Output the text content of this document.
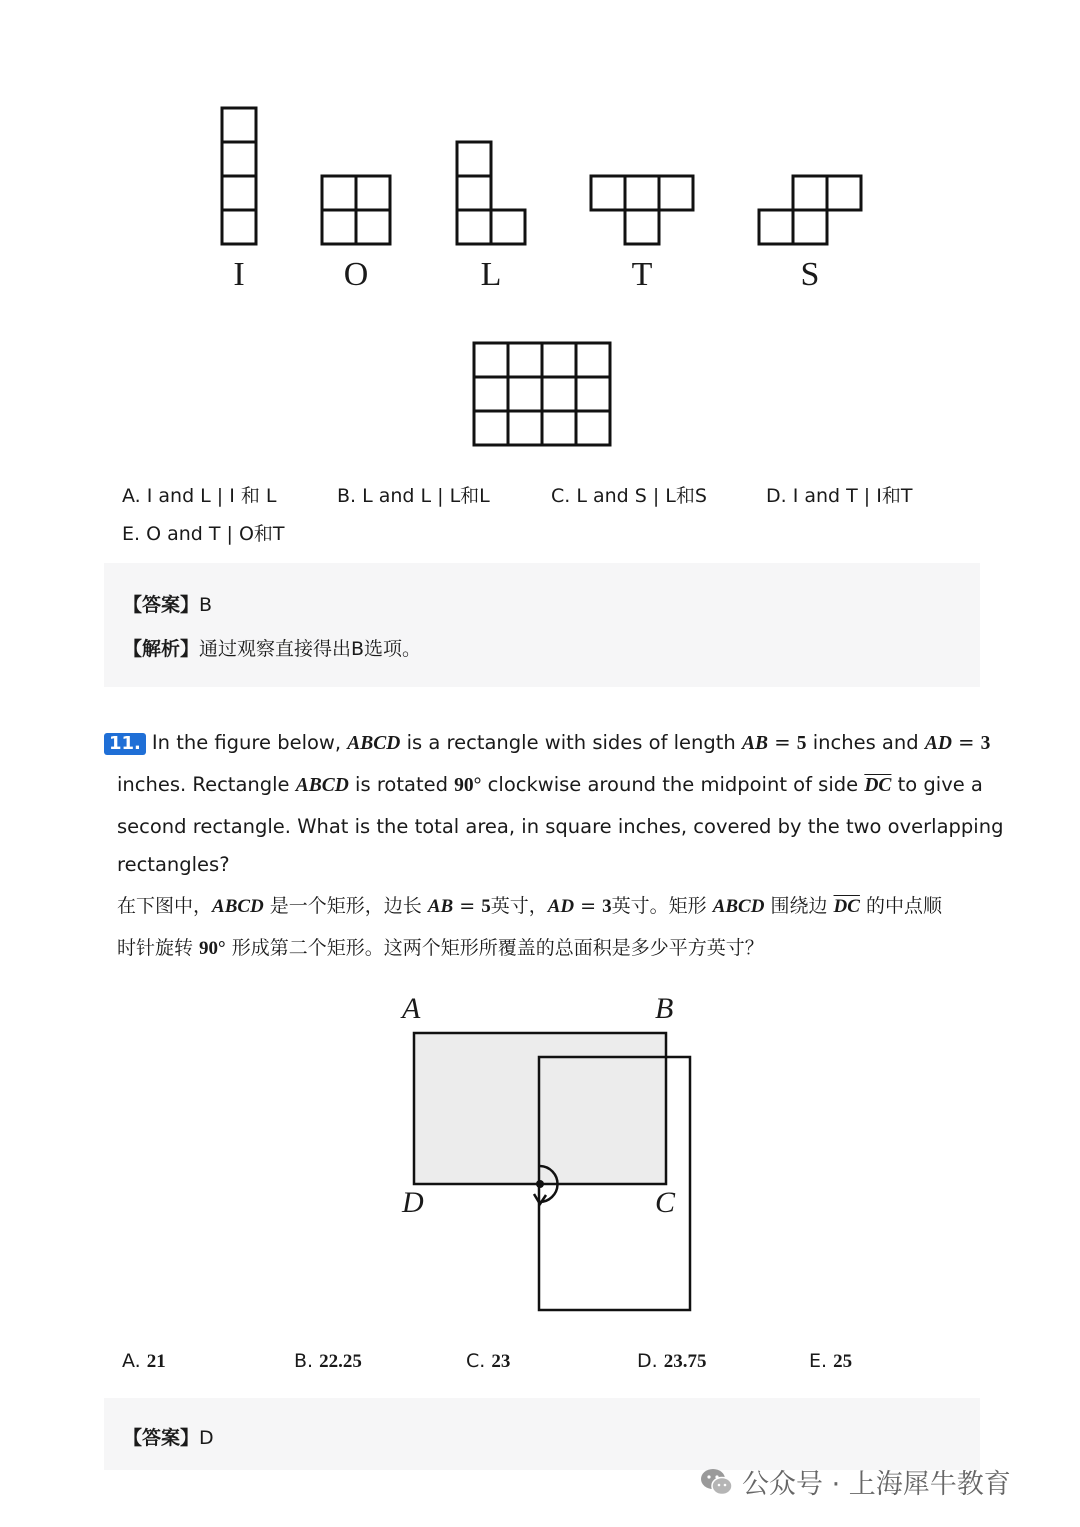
I	O	L	T	S
A. I and L | I 和 L	B. L and L | L和L	C. L and S | L和S	D. I and T | I和T
E. O and T | O和T
【答案】B
【解析】通过观察直接得出B选项。
11. In the figure below, ABCD is a rectangle with sides of length AB = 5 inches and AD = 3
inches. Rectangle ABCD is rotated 90° clockwise around the midpoint of side $\overline{DC}$ to give a
second rectangle. What is the total area, in square inches, covered by the two overlapping
rectangles?
在下图中，ABCD 是一个矩形，边长 AB = 5英寸，AD = 3英寸。矩形 ABCD 围绕边 $\overline{DC}$ 的中点顺
时针旋转 90° 形成第二个矩形。这两个矩形所覆盖的总面积是多少平方英寸？
A	B
D	C
A. 21	B. 22.25	C. 23	D. 23.75	E. 25
【答案】D
公众号 · 上海犀牛教育
